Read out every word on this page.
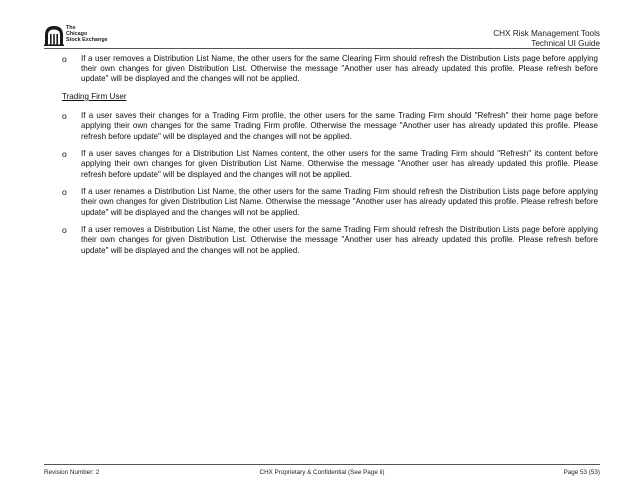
The
Chicago
Stock Exchange
CHX Risk Management Tools
Technical UI Guide
o If a user removes a Distribution List Name, the other users for the same Clearing Firm should refresh the Distribution Lists page before applying their own changes for given Distribution List. Otherwise the message "Another user has already updated this profile. Please refresh before update" will be displayed and the changes will not be applied.
Trading Firm User
o If a user saves their changes for a Trading Firm profile, the other users for the same Trading Firm should "Refresh" their home page before applying their own changes for the same Trading Firm profile. Otherwise the message "Another user has already updated this profile. Please refresh before update" will be displayed and the changes will not be applied.
o If a user saves changes for a Distribution List Names content, the other users for the same Trading Firm should "Refresh" its content before applying their own changes for given Distribution List Name. Otherwise the message "Another user has already updated this profile. Please refresh before update" will be displayed and the changes will not be applied.
o If a user renames a Distribution List Name, the other users for the same Trading Firm should refresh the Distribution Lists page before applying their own changes for given Distribution List Name. Otherwise the message "Another user has already updated this profile. Please refresh before update" will be displayed and the changes will not be applied.
o If a user removes a Distribution List Name, the other users for the same Trading Firm should refresh the Distribution Lists page before applying their own changes for given Distribution List. Otherwise the message "Another user has already updated this profile. Please refresh before update" will be displayed and the changes will not be applied.
Revision Number: 2	CHX Proprietary & Confidential (See Page ii)	Page 53 (53)
